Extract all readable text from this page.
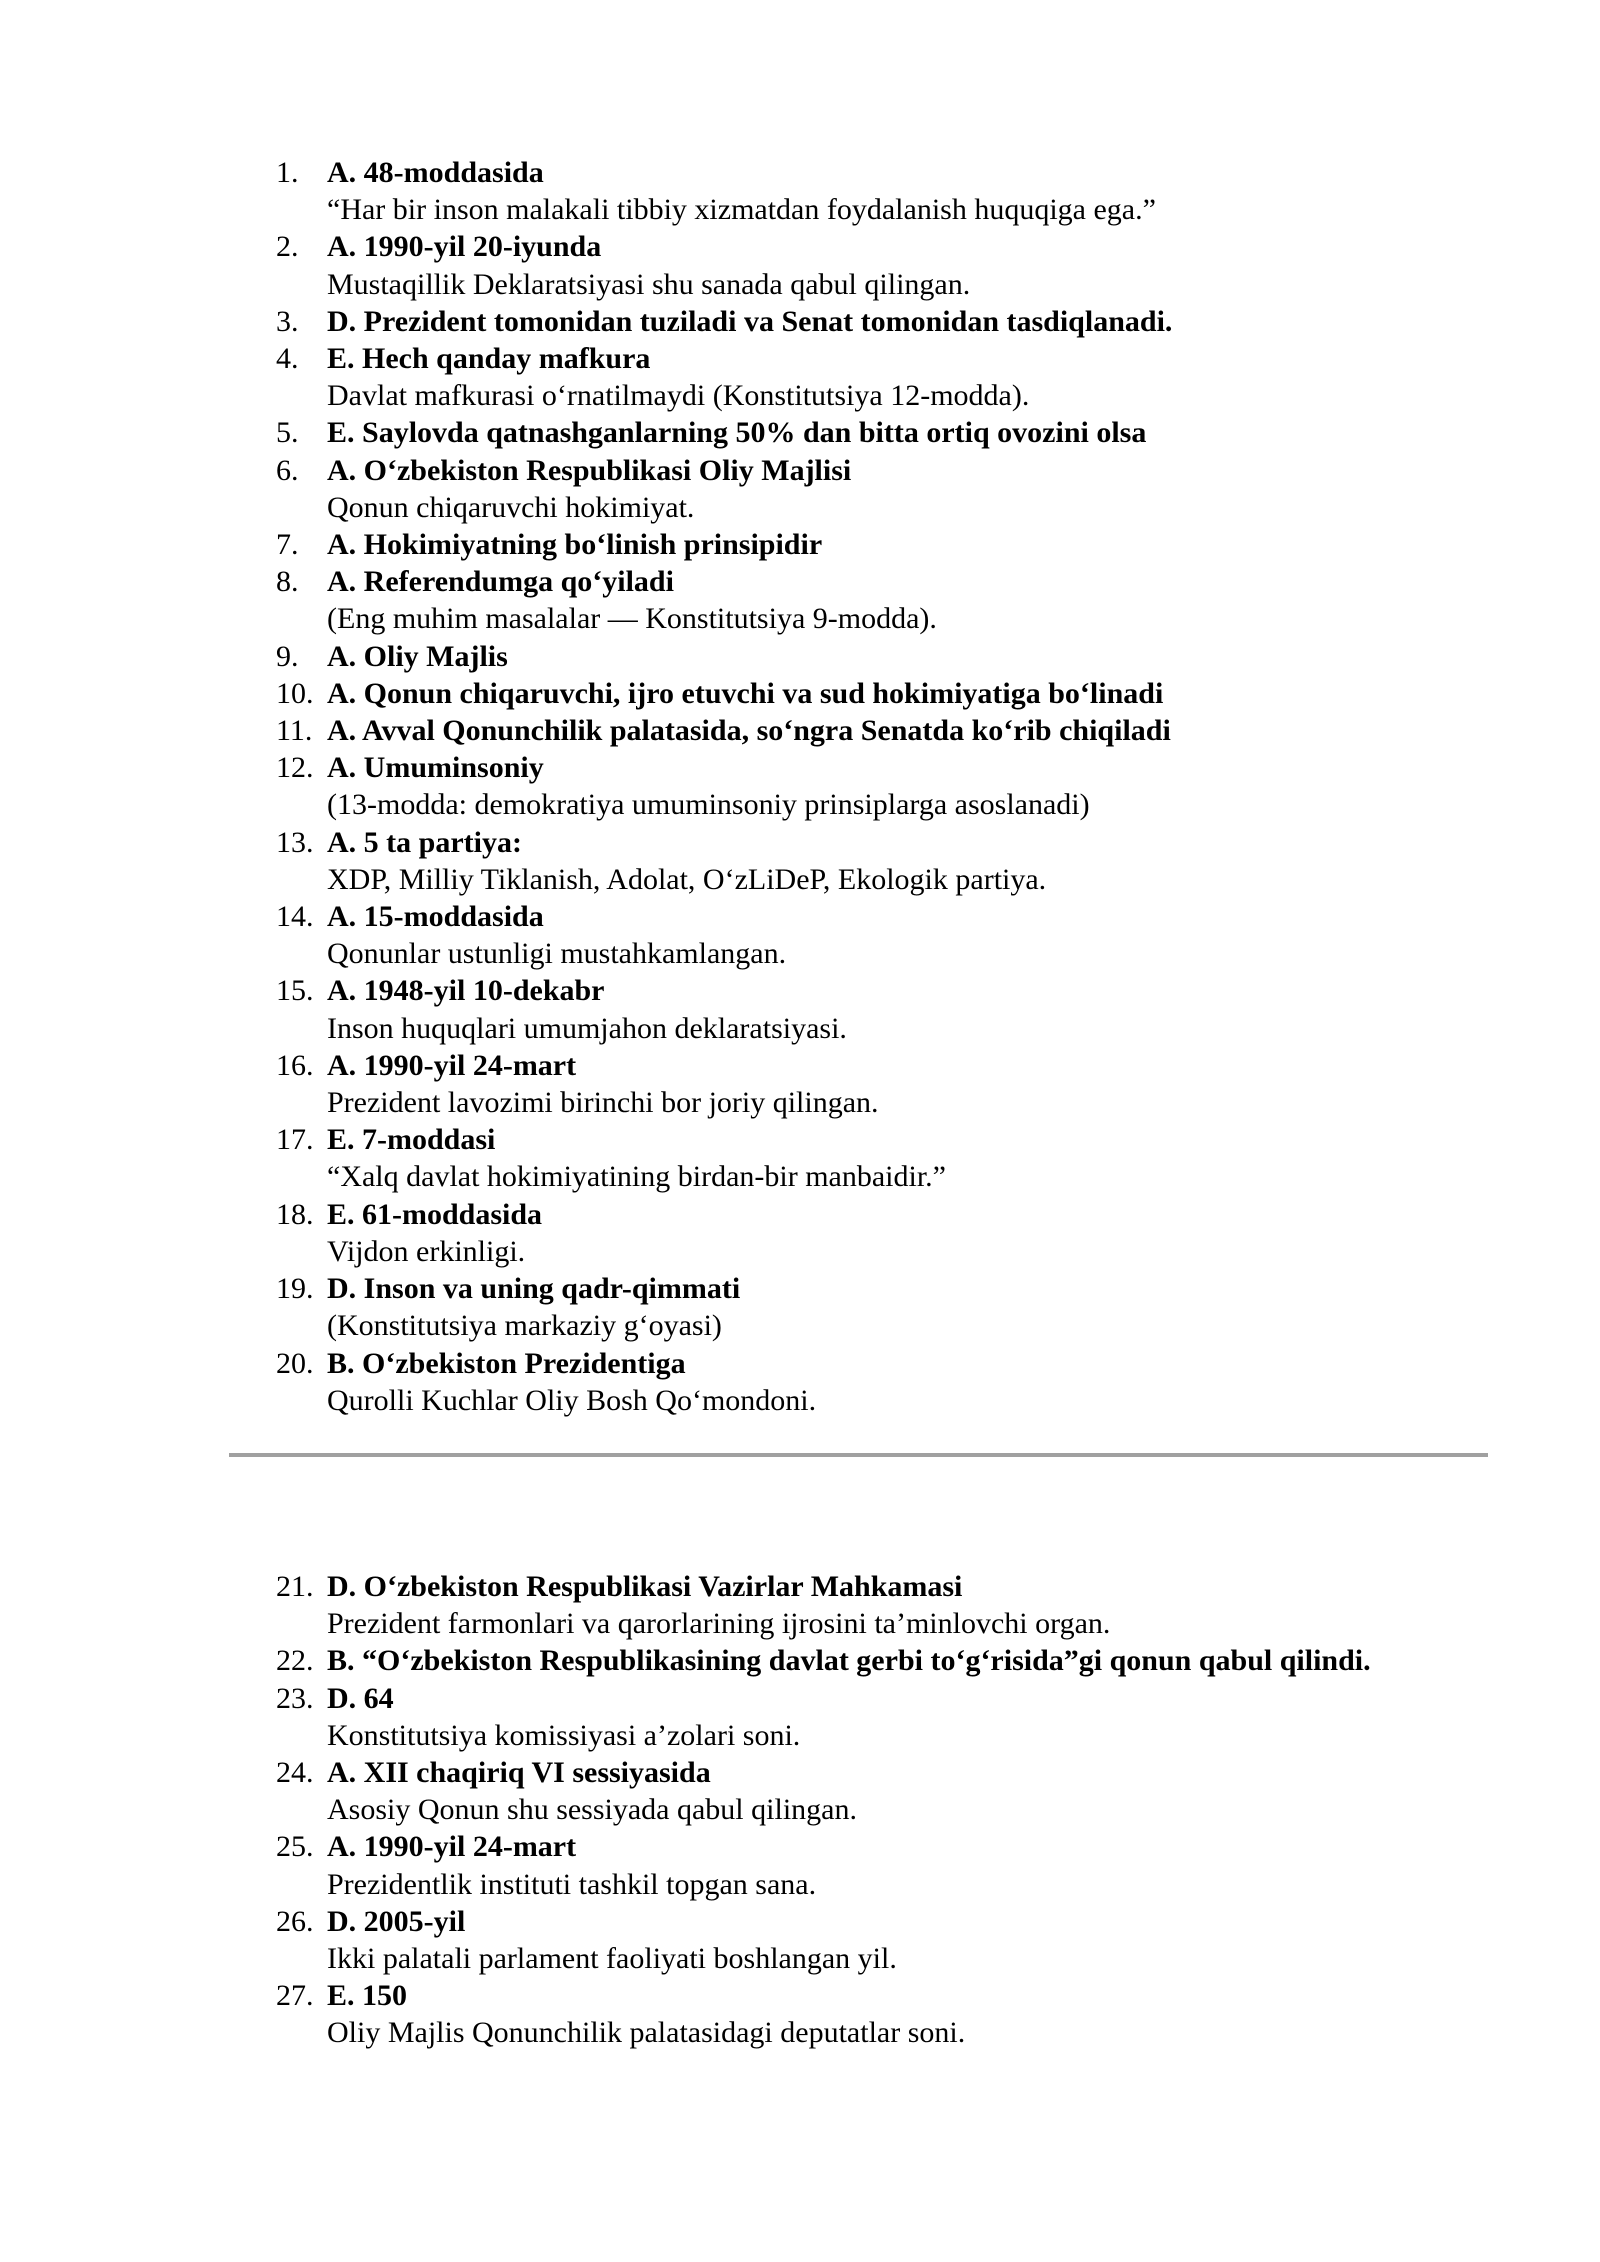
1. A. 48-moddasida
“Har bir inson malakali tibbiy xizmatdan foydalanish huquqiga ega.”
2. A. 1990-yil 20-iyunda
Mustaqillik Deklaratsiyasi shu sanada qabul qilingan.
3. D. Prezident tomonidan tuziladi va Senat tomonidan tasdiqlanadi.
4. E. Hech qanday mafkura
Davlat mafkurasi o‘rnatilmaydi (Konstitutsiya 12-modda).
5. E. Saylovda qatnashganlarning 50% dan bitta ortiq ovozini olsa
6. A. O‘zbekiston Respublikasi Oliy Majlisi
Qonun chiqaruvchi hokimiyat.
7. A. Hokimiyatning bo‘linish prinsipidir
8. A. Referendumga qo‘yiladi
(Eng muhim masalalar — Konstitutsiya 9-modda).
9. A. Oliy Majlis
10. A. Qonun chiqaruvchi, ijro etuvchi va sud hokimiyatiga bo‘linadi
11. A. Avval Qonunchilik palatasida, so‘ngra Senatda ko‘rib chiqiladi
12. A. Umuminsoniy
(13-modda: demokratiya umuminsoniy prinsiplarga asoslanadi)
13. A. 5 ta partiya:
XDP, Milliy Tiklanish, Adolat, O‘zLiDeP, Ekologik partiya.
14. A. 15-moddasida
Qonunlar ustunligi mustahkamlangan.
15. A. 1948-yil 10-dekabr
Inson huquqlari umumjahon deklaratsiyasi.
16. A. 1990-yil 24-mart
Prezident lavozimi birinchi bor joriy qilingan.
17. E. 7-moddasi
“Xalq davlat hokimiyatining birdan-bir manbaidir.”
18. E. 61-moddasida
Vijdon erkinligi.
19. D. Inson va uning qadr-qimmati
(Konstitutsiya markaziy g‘oyasi)
20. B. O‘zbekiston Prezidentiga
Qurolli Kuchlar Oliy Bosh Qo‘mondoni.
21. D. O‘zbekiston Respublikasi Vazirlar Mahkamasi
Prezident farmonlari va qarorlarining ijrosini ta’minlovchi organ.
22. B. “O‘zbekiston Respublikasining davlat gerbi to‘g‘risida”gi qonun qabul qilindi.
23. D. 64
Konstitutsiya komissiyasi a’zolari soni.
24. A. XII chaqiriq VI sessiyasida
Asosiy Qonun shu sessiyada qabul qilingan.
25. A. 1990-yil 24-mart
Prezidentlik instituti tashkil topgan sana.
26. D. 2005-yil
Ikki palatali parlament faoliyati boshlangan yil.
27. E. 150
Oliy Majlis Qonunchilik palatasidagi deputatlar soni.
